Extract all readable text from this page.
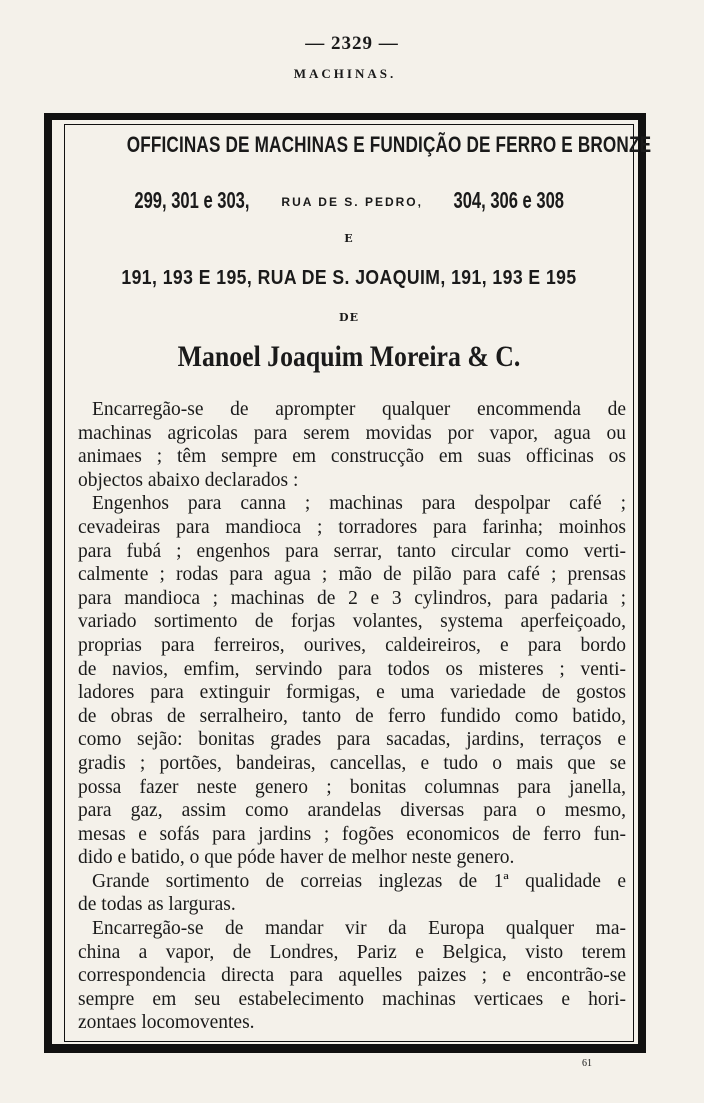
— 2329 —
MACHINAS.
OFFICINAS DE MACHINAS E FUNDIÇÃO DE FERRO E BRONZE
299, 301 e 303,	RUA DE S. PEDRO, 304, 306 e 308
E
191, 193 E 195, RUA DE S. JOAQUIM, 191, 193 E 195
DE
Manoel Joaquim Moreira & C.
Encarregão-se de aprompter qualquer encommenda de
machinas agricolas para serem movidas por vapor, agua ou
animaes ; têm sempre em construcção em suas officinas os
objectos abaixo declarados :
Engenhos para canna ; machinas para despolpar café ;
cevadeiras para mandioca ; torradores para farinha; moinhos
para fubá ; engenhos para serrar, tanto circular como verti-
calmente ; rodas para agua ; mão de pilão para café ; prensas
para mandioca ; machinas de 2 e 3 cylindros, para padaria ;
variado sortimento de forjas volantes, systema aperfeiçoado,
proprias para ferreiros, ourives, caldeireiros, e para bordo
de navios, emfim, servindo para todos os misteres ; venti-
ladores para extinguir formigas, e uma variedade de gostos
de obras de serralheiro, tanto de ferro fundido como batido,
como sejão: bonitas grades para sacadas, jardins, terraços e
gradis ; portões, bandeiras, cancellas, e tudo o mais que se
possa fazer neste genero ; bonitas columnas para janella,
para gaz, assim como arandelas diversas para o mesmo,
mesas e sofás para jardins ; fogões economicos de ferro fun-
dido e batido, o que póde haver de melhor neste genero.
Grande sortimento de correias inglezas de 1ª qualidade e
de todas as larguras.
Encarregão-se de mandar vir da Europa qualquer ma-
china a vapor, de Londres, Pariz e Belgica, visto terem
correspondencia directa para aquelles paizes ; e encontrão-se
sempre em seu estabelecimento machinas verticaes e hori-
zontaes locomoventes.
61
